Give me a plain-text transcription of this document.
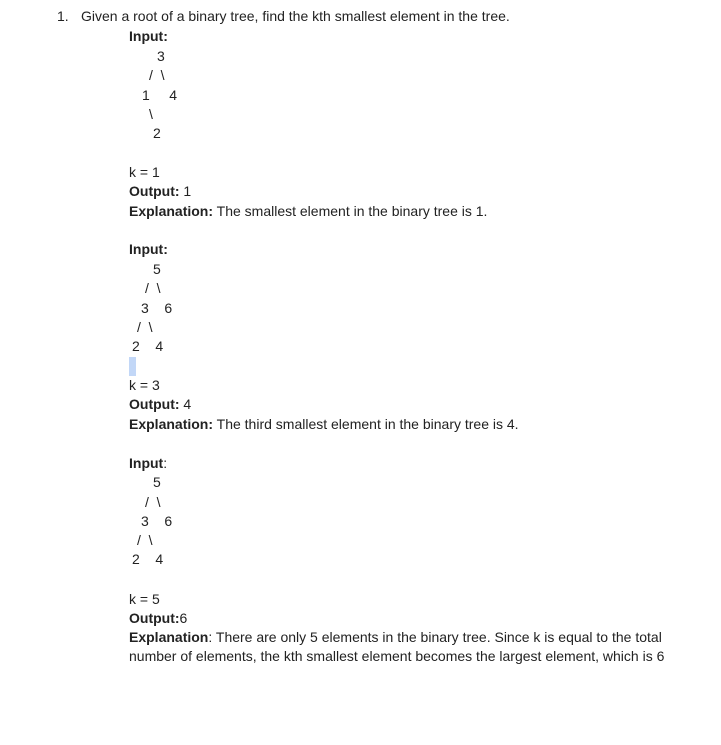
1. Given a root of a binary tree, find the kth smallest element in the tree.
Input:
3
/  \
1     4
\
2
k = 1
Output: 1
Explanation: The smallest element in the binary tree is 1.
Input:
5
/  \
3    6
/  \
2    4
k = 3
Output: 4
Explanation: The third smallest element in the binary tree is 4.
Input:
5
/  \
3    6
/  \
2    4
k = 5
Output:6
Explanation: There are only 5 elements in the binary tree. Since k is equal to the total number of elements, the kth smallest element becomes the largest element, which is 6
